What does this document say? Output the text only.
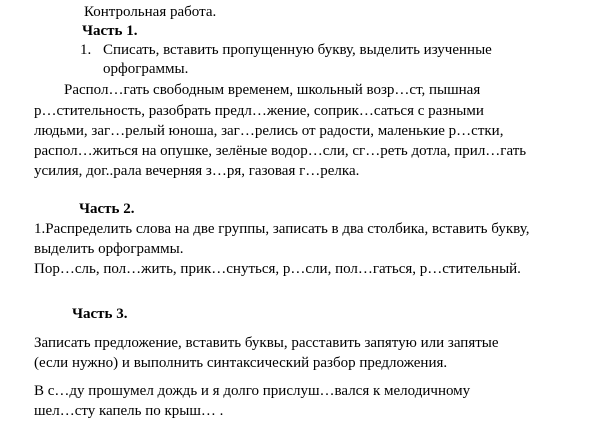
Контрольная работа.
Часть 1.
1. Списать, вставить пропущенную букву, выделить изученные
орфограммы.
Распол…гать свободным временем, школьный возр…ст, пышная
р…стительность, разобрать предл…жение, соприк…саться с разными
людьми, заг…релый юноша, заг…релись от радости, маленькие р…стки,
распол…житься на опушке, зелёные водор…сли, сг…реть дотла, прил…гать
усилия, дог..рала вечерняя з…ря, газовая г…релка.
Часть 2.
1.Распределить слова на две группы, записать в два столбика, вставить букву,
выделить орфограммы.
Пор…сль, пол…жить, прик…снуться, р…сли, пол…гаться, р…стительный.
Часть 3.
Записать предложение, вставить буквы, расставить запятую или запятые
(если нужно) и выполнить синтаксический разбор предложения.
В с…ду прошумел дождь и я долго прислуш…вался к мелодичному
шел…сту капель по крыш… .
